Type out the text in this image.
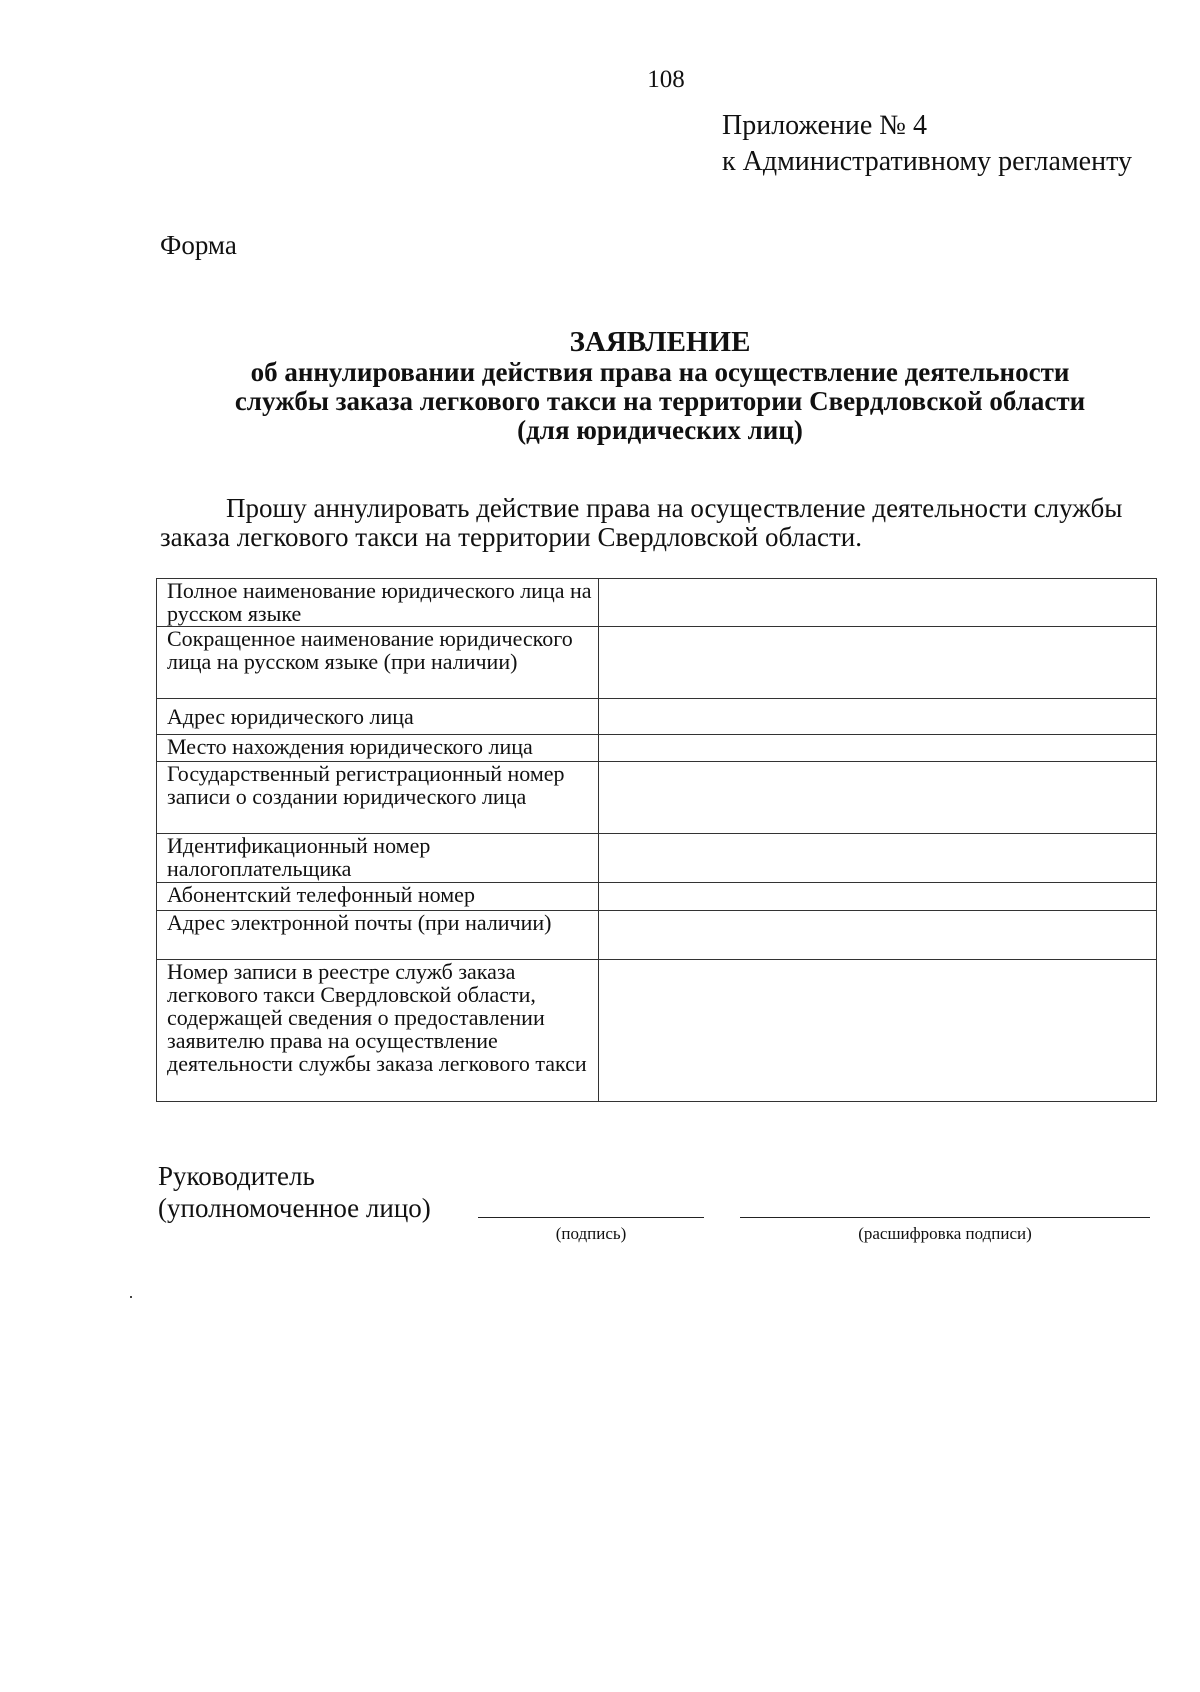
108
Приложение № 4
к Административному регламенту
Форма
ЗАЯВЛЕНИЕ
об аннулировании действия права на осуществление деятельности
службы заказа легкового такси на территории Свердловской области
(для юридических лиц)
Прошу аннулировать действие права на осуществление деятельности службы
заказа легкового такси на территории Свердловской области.
Полное наименование юридического лица на русском языке	
Сокращенное наименование юридического лица на русском языке (при наличии)	
Адрес юридического лица	
Место нахождения юридического лица	
Государственный регистрационный номер записи о создании юридического лица	
Идентификационный номер налогоплательщика	
Абонентский телефонный номер	
Адрес электронной почты (при наличии)	
Номер записи в реестре служб заказа легкового такси Свердловской области, содержащей сведения о предоставлении заявителю права на осуществление деятельности службы заказа легкового такси	
Руководитель
(уполномоченное лицо)
(подпись)	(расшифровка подписи)
